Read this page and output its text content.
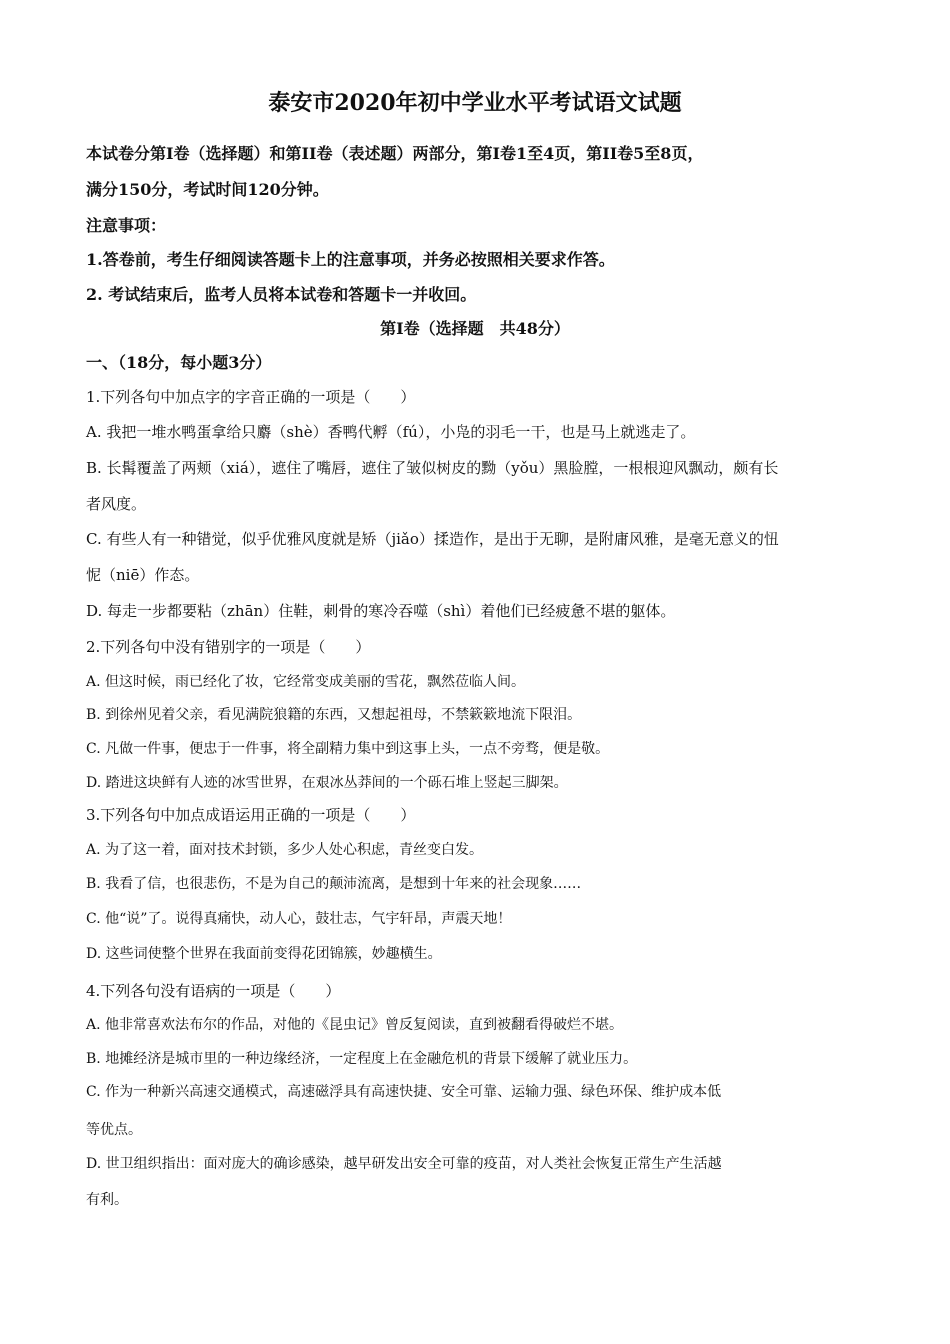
泰安市2020年初中学业水平考试语文试题
本试卷分第Ⅰ卷（选择题）和第II卷（表述题）两部分，第Ⅰ卷1至4页，第II卷5至8页，
满分150分，考试时间120分钟。
注意事项：
1.答卷前，考生仔细阅读答题卡上的注意事项，并务必按照相关要求作答。
2. 考试结束后，监考人员将本试卷和答题卡一并收回。
第Ⅰ卷（选择题　共48分）
一、（18分，每小题3分）
1.下列各句中加点字的字音正确的一项是（　　）
A. 我把一堆水鸭蛋拿给只麝（shè）香鸭代孵（fú），小凫的羽毛一干，也是马上就逃走了。
B. 长髯覆盖了两颊（xiá），遮住了嘴唇，遮住了皱似树皮的黝（yǒu）黑脸膛，一根根迎风飘动，颇有长
者风度。
C. 有些人有一种错觉，似乎优雅风度就是矫（jiǎo）揉造作，是出于无聊，是附庸风雅，是毫无意义的忸
怩（niē）作态。
D. 每走一步都要粘（zhān）住鞋，刺骨的寒冷吞噬（shì）着他们已经疲惫不堪的躯体。
2.下列各句中没有错别字的一项是（　　）
A. 但这时候，雨已经化了妆，它经常变成美丽的雪花，飘然莅临人间。
B. 到徐州见着父亲，看见满院狼籍的东西，又想起祖母，不禁簌簌地流下限泪。
C. 凡做一件事，便忠于一件事，将全副精力集中到这事上头，一点不旁骛，便是敬。
D. 踏进这块鲜有人迹的冰雪世界，在艰冰丛莽间的一个砾石堆上竖起三脚架。
3.下列各句中加点成语运用正确的一项是（　　）
A. 为了这一着，面对技术封锁，多少人处心积虑，青丝变白发。
B. 我看了信，也很悲伤，不是为自己的颠沛流离，是想到十年来的社会现象……
C. 他“说”了。说得真痛快，动人心，鼓壮志，气宇轩昂，声震天地！
D. 这些词使整个世界在我面前变得花团锦簇，妙趣横生。
4.下列各句没有语病的一项是（　　）
A. 他非常喜欢法布尔的作品，对他的《昆虫记》曾反复阅读，直到被翻看得破烂不堪。
B. 地摊经济是城市里的一种边缘经济，一定程度上在金融危机的背景下缓解了就业压力。
C. 作为一种新兴高速交通模式，高速磁浮具有高速快捷、安全可靠、运输力强、绿色环保、维护成本低
等优点。
D. 世卫组织指出：面对庞大的确诊感染，越早研发出安全可靠的疫苗，对人类社会恢复正常生产生活越
有利。
